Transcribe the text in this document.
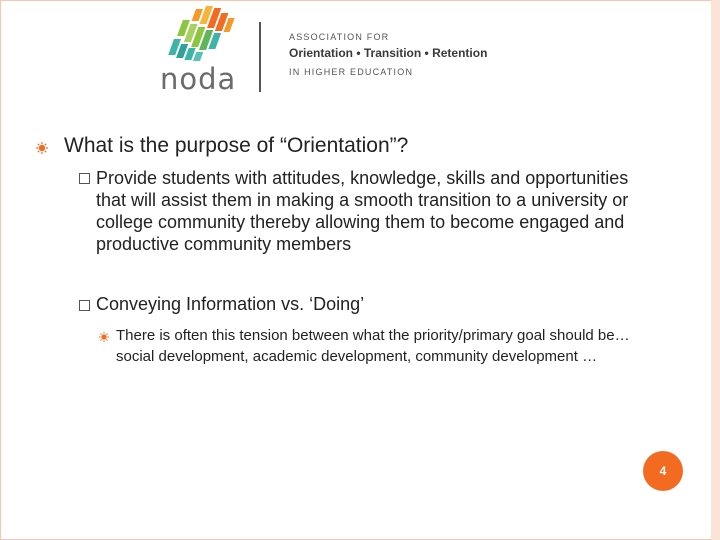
noda
ASSOCIATION FOR
Orientation • Transition • Retention
IN HIGHER EDUCATION
What is the purpose of “Orientation”?
Provide students with attitudes, knowledge, skills and opportunities that will assist them in making a smooth transition to a university or college community thereby allowing them to become engaged and productive community members
Conveying Information vs. ‘Doing’
There is often this tension between what the priority/primary goal should be…social development, academic development, community development …
4
